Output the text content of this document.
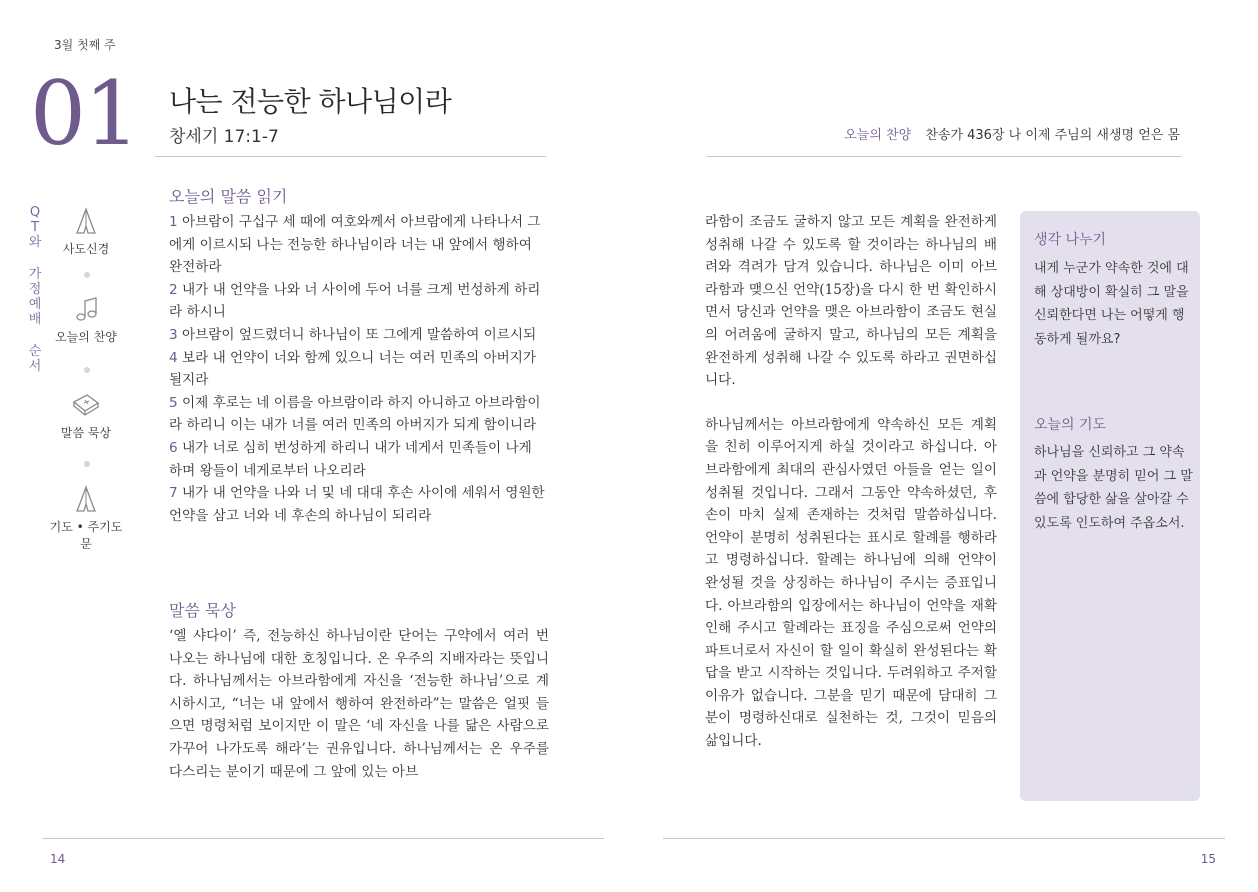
3월 첫째 주
01 나는 전능한 하나님이라
창세기 17:1-7	오늘의 찬양 찬송가 436장 나 이제 주님의 새생명 얻은 몸
Q
T
와
가
정
예
배
순
서
사도신경
오늘의 찬양
말씀 묵상
기도 • 주기도문
오늘의 말씀 읽기
1 아브람이 구십구 세 때에 여호와께서 아브람에게 나타나서 그에게 이르시되 나는 전능한 하나님이라 너는 내 앞에서 행하여 완전하라
2 내가 내 언약을 나와 너 사이에 두어 너를 크게 번성하게 하리라 하시니
3 아브람이 엎드렸더니 하나님이 또 그에게 말씀하여 이르시되
4 보라 내 언약이 너와 함께 있으니 너는 여러 민족의 아버지가 될지라
5 이제 후로는 네 이름을 아브람이라 하지 아니하고 아브라함이라 하리니 이는 내가 너를 여러 민족의 아버지가 되게 함이니라
6 내가 너로 심히 번성하게 하리니 내가 네게서 민족들이 나게 하며 왕들이 네게로부터 나오리라
7 내가 내 언약을 나와 너 및 네 대대 후손 사이에 세워서 영원한 언약을 삼고 너와 네 후손의 하나님이 되리라
말씀 묵상
‘엘 샤다이’ 즉, 전능하신 하나님이란 단어는 구약에서 여러 번 나오는 하나님에 대한 호칭입니다. 온 우주의 지배자라는 뜻입니다. 하나님께서는 아브라함에게 자신을 ‘전능한 하나님’으로 계시하시고, “너는 내 앞에서 행하여 완전하라”는 말씀은 얼핏 들으면 명령처럼 보이지만 이 말은 ‘네 자신을 나를 닮은 사람으로 가꾸어 나가도록 해라’는 권유입니다. 하나님께서는 온 우주를 다스리는 분이기 때문에 그 앞에 있는 아브

라함이 조금도 굴하지 않고 모든 계획을 완전하게 성취해 나갈 수 있도록 할 것이라는 하나님의 배려와 격려가 담겨 있습니다. 하나님은 이미 아브라함과 맺으신 언약(15장)을 다시 한 번 확인하시면서 당신과 언약을 맺은 아브라함이 조금도 현실의 어려움에 굴하지 말고, 하나님의 모든 계획을 완전하게 성취해 나갈 수 있도록 하라고 권면하십니다.

하나님께서는 아브라함에게 약속하신 모든 계획을 친히 이루어지게 하실 것이라고 하십니다. 아브라함에게 최대의 관심사였던 아들을 얻는 일이 성취될 것입니다. 그래서 그동안 약속하셨던, 후손이 마치 실제 존재하는 것처럼 말씀하십니다. 언약이 분명히 성취된다는 표시로 할례를 행하라고 명령하십니다. 할례는 하나님에 의해 언약이 완성될 것을 상징하는 하나님이 주시는 증표입니다. 아브라함의 입장에서는 하나님이 언약을 재확인해 주시고 할례라는 표징을 주심으로써 언약의 파트너로서 자신이 할 일이 확실히 완성된다는 확답을 받고 시작하는 것입니다. 두려워하고 주저할 이유가 없습니다. 그분을 믿기 때문에 담대히 그분이 명령하신대로 실천하는 것, 그것이 믿음의 삶입니다.

생각 나누기
내게 누군가 약속한 것에 대해 상대방이 확실히 그 말을 신뢰한다면 나는 어떻게 행동하게 될까요?
오늘의 기도
하나님을 신뢰하고 그 약속과 언약을 분명히 믿어 그 말씀에 합당한 삶을 살아갈 수 있도록 인도하여 주옵소서.
14	15
